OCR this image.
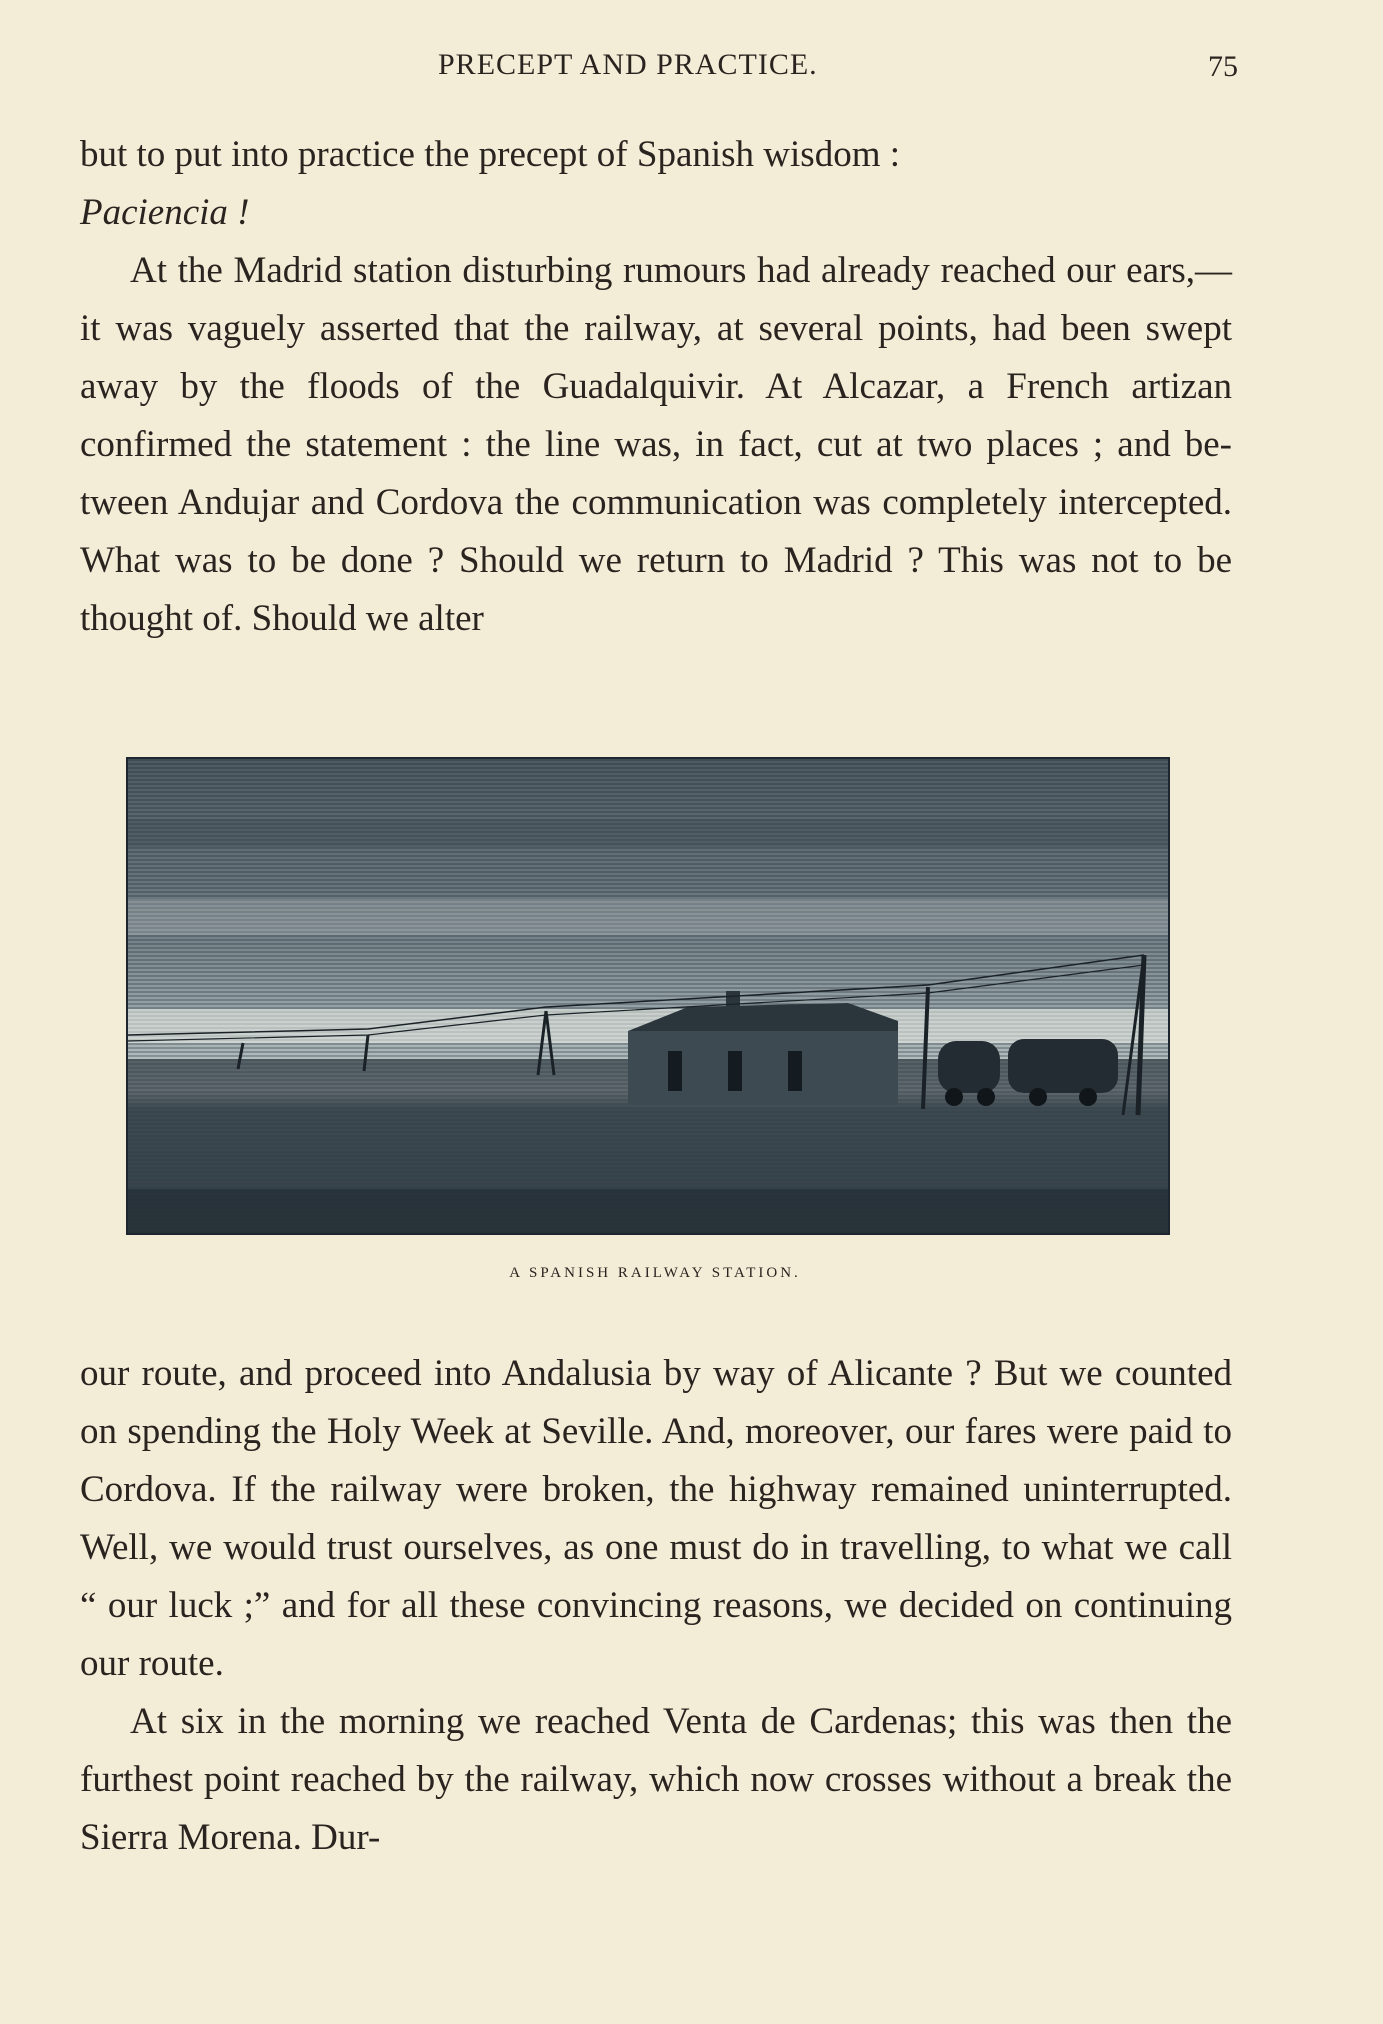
PRECEPT AND PRACTICE.	75

but to put into practice the precept of Spanish wisdom :
Paciencia !

At the Madrid station disturbing rumours had already reached our ears,—it was vaguely asserted that the railway, at several points, had been swept away by the floods of the Guadalquivir. At Alcazar, a French artizan confirmed the statement : the line was, in fact, cut at two places ; and be- tween Andujar and Cordova the communication was completely intercepted. What was to be done ? Should we return to Madrid ? This was not to be thought of. Should we alter

A SPANISH RAILWAY STATION.

our route, and proceed into Andalusia by way of Alicante ? But we counted on spending the Holy Week at Seville. And, moreover, our fares were paid to Cordova. If the railway were broken, the highway remained uninterrupted. Well, we would trust ourselves, as one must do in travelling, to what we call “ our luck ;” and for all these convincing reasons, we decided on continuing our route.

At six in the morning we reached Venta de Cardenas; this was then the furthest point reached by the railway, which now crosses without a break the Sierra Morena. Dur-
